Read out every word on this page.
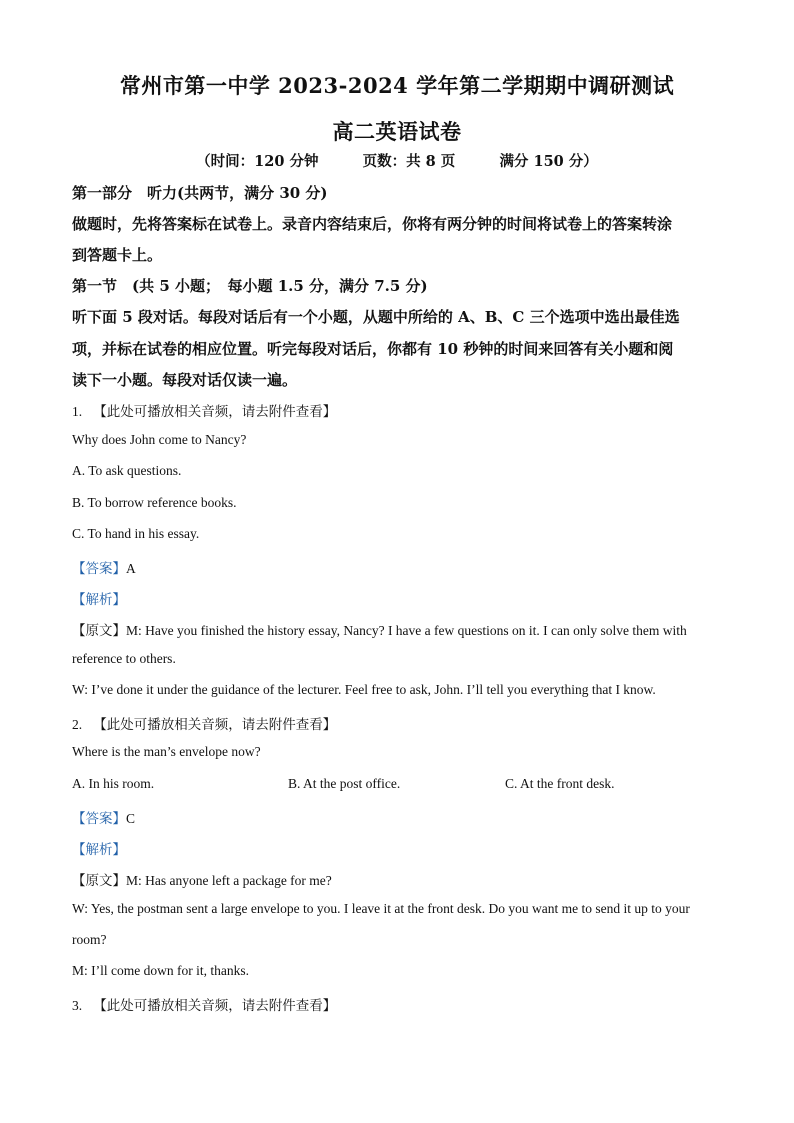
常州市第一中学 2023-2024 学年第二学期期中调研测试
高二英语试卷
（时间：120 分钟	页数：共 8 页	满分 150 分）
第一部分　听力(共两节，满分 30 分)
做题时，先将答案标在试卷上。录音内容结束后，你将有两分钟的时间将试卷上的答案转涂
到答题卡上。
第一节　(共 5 小题；　每小题 1.5 分，满分 7.5 分)
听下面 5 段对话。每段对话后有一个小题，从题中所给的 A、B、C 三个选项中选出最佳选
项，并标在试卷的相应位置。听完每段对话后，你都有 10 秒钟的时间来回答有关小题和阅
读下一小题。每段对话仅读一遍。
1. 【此处可播放相关音频，请去附件查看】
Why does John come to Nancy?
A. To ask questions.
B. To borrow reference books.
C. To hand in his essay.
【答案】A
【解析】
【原文】M: Have you finished the history essay, Nancy? I have a few questions on it. I can only solve them with
reference to others.
W: I’ve done it under the guidance of the lecturer. Feel free to ask, John. I’ll tell you everything that I know.
2. 【此处可播放相关音频，请去附件查看】
Where is the man’s envelope now?
A. In his room.	B. At the post office.	C. At the front desk.
【答案】C
【解析】
【原文】M: Has anyone left a package for me?
W: Yes, the postman sent a large envelope to you. I leave it at the front desk. Do you want me to send it up to your
room?
M: I’ll come down for it, thanks.
3. 【此处可播放相关音频，请去附件查看】
